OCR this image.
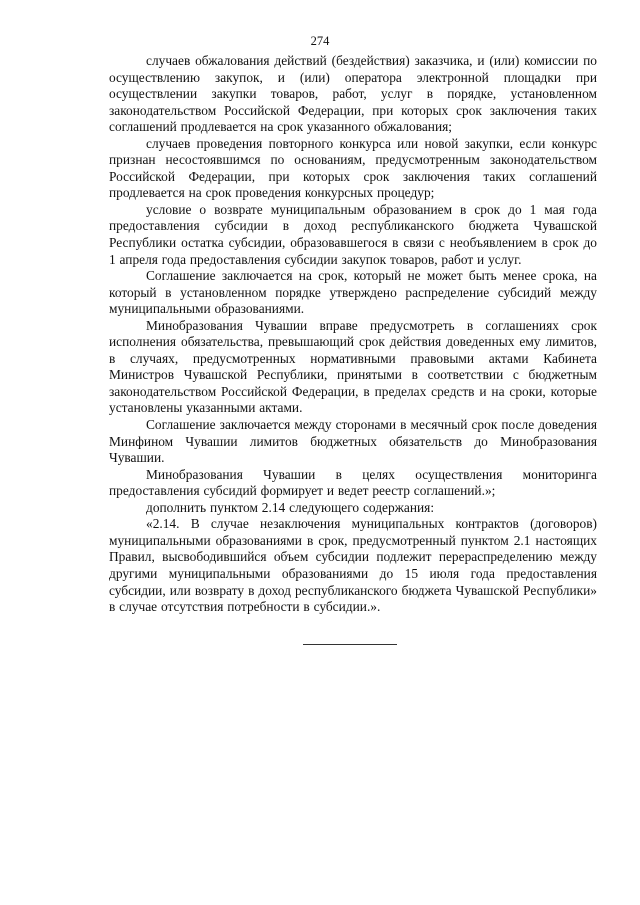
274

случаев обжалования действий (бездействия) заказчика, и (или) комиссии по осуществлению закупок, и (или) оператора электронной площадки при осуществлении закупки товаров, работ, услуг в порядке, установленном законодательством Российской Федерации, при которых срок заключения таких соглашений продлевается на срок указанного обжалования;

случаев проведения повторного конкурса или новой закупки, если конкурс признан несостоявшимся по основаниям, предусмотренным законодательством Российской Федерации, при которых срок заключения таких соглашений продлевается на срок проведения конкурсных процедур;

условие о возврате муниципальным образованием в срок до 1 мая года предоставления субсидии в доход республиканского бюджета Чувашской Республики остатка субсидии, образовавшегося в связи с необъявлением в срок до 1 апреля года предоставления субсидии закупок товаров, работ и услуг.

Соглашение заключается на срок, который не может быть менее срока, на который в установленном порядке утверждено распределение субсидий между муниципальными образованиями.

Минобразования Чувашии вправе предусмотреть в соглашениях срок исполнения обязательства, превышающий срок действия доведенных ему лимитов, в случаях, предусмотренных нормативными правовыми актами Кабинета Министров Чувашской Республики, принятыми в соответствии с бюджетным законодательством Российской Федерации, в пределах средств и на сроки, которые установлены указанными актами.

Соглашение заключается между сторонами в месячный срок после доведения Минфином Чувашии лимитов бюджетных обязательств до Минобразования Чувашии.

Минобразования Чувашии в целях осуществления мониторинга предоставления субсидий формирует и ведет реестр соглашений.»;

дополнить пунктом 2.14 следующего содержания:

«2.14. В случае незаключения муниципальных контрактов (договоров) муниципальными образованиями в срок, предусмотренный пунктом 2.1 настоящих Правил, высвободившийся объем субсидии подлежит перераспределению между другими муниципальными образованиями до 15 июля года предоставления субсидии, или возврату в доход республиканского бюджета Чувашской Республики» в случае отсутствия потребности в субсидии.».
